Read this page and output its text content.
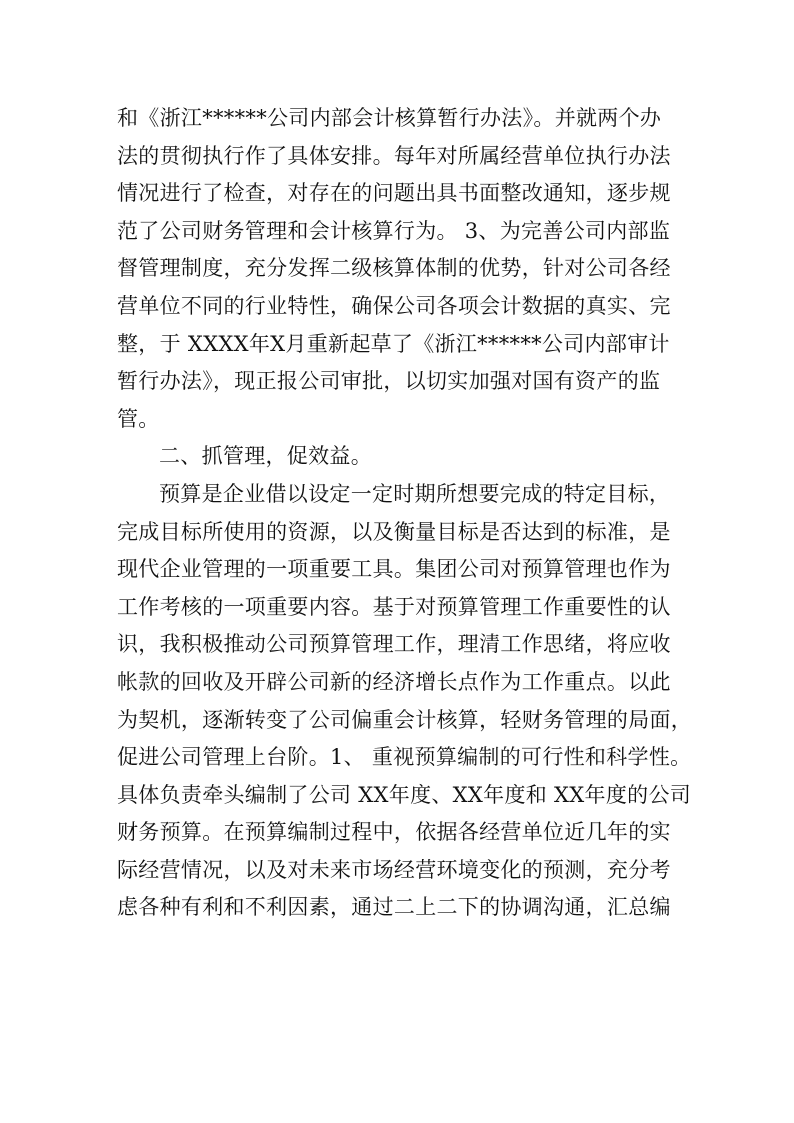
和《浙江******公司内部会计核算暂行办法》。并就两个办
法的贯彻执行作了具体安排。每年对所属经营单位执行办法
情况进行了检查，对存在的问题出具书面整改通知，逐步规
范了公司财务管理和会计核算行为。 3、为完善公司内部监
督管理制度，充分发挥二级核算体制的优势，针对公司各经
营单位不同的行业特性，确保公司各项会计数据的真实、完
整，于 XXXX年X月重新起草了《浙江******公司内部审计
暂行办法》，现正报公司审批，以切实加强对国有资产的监
管。
二、抓管理，促效益。
预算是企业借以设定一定时期所想要完成的特定目标，
完成目标所使用的资源，以及衡量目标是否达到的标准，是
现代企业管理的一项重要工具。集团公司对预算管理也作为
工作考核的一项重要内容。基于对预算管理工作重要性的认
识，我积极推动公司预算管理工作，理清工作思绪，将应收
帐款的回收及开辟公司新的经济增长点作为工作重点。以此
为契机，逐渐转变了公司偏重会计核算，轻财务管理的局面，
促进公司管理上台阶。1、 重视预算编制的可行性和科学性。
具体负责牵头编制了公司 XX年度、XX年度和 XX年度的公司
财务预算。在预算编制过程中，依据各经营单位近几年的实
际经营情况，以及对未来市场经营环境变化的预测，充分考
虑各种有利和不利因素，通过二上二下的协调沟通，汇总编
